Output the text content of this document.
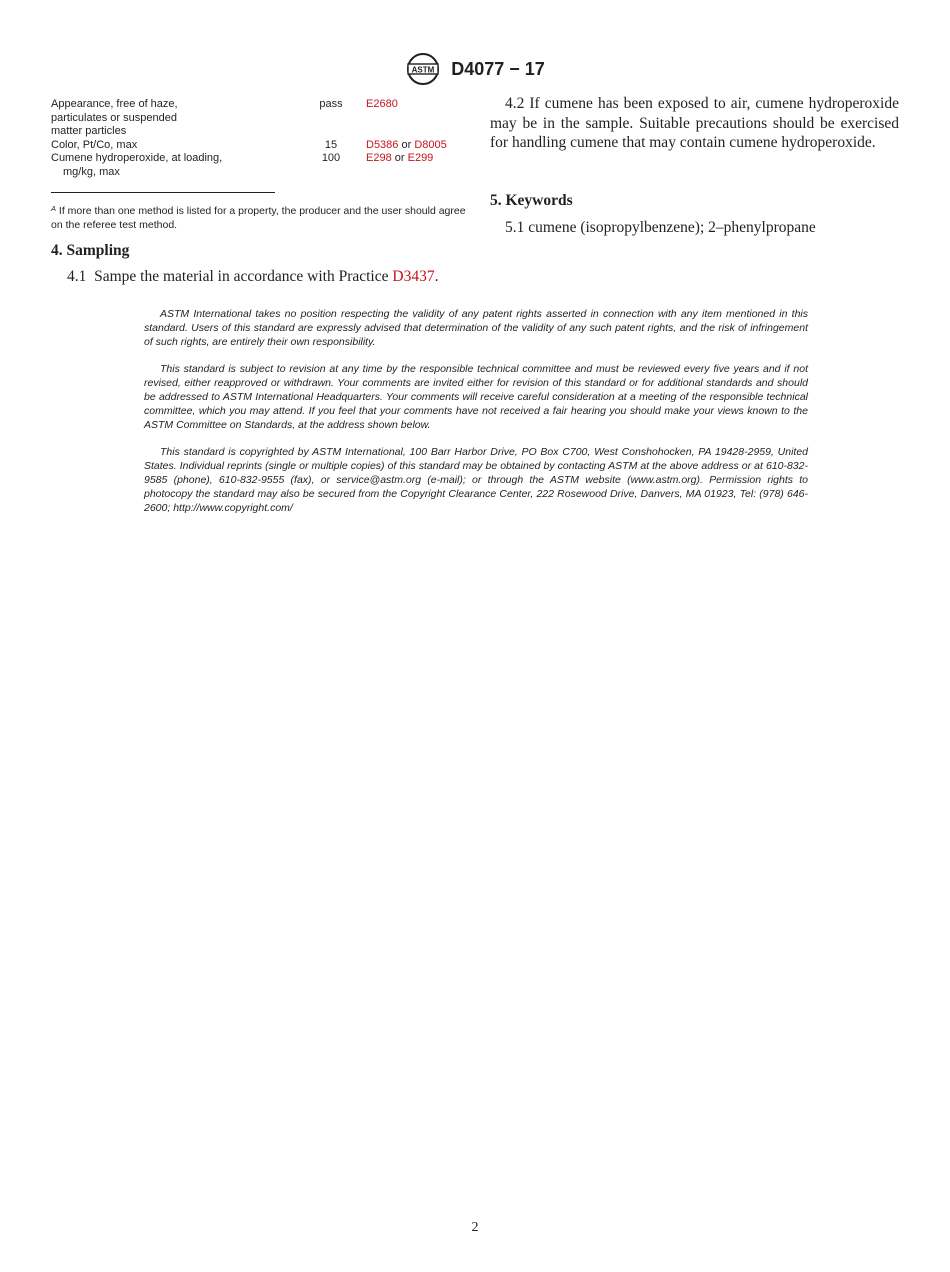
ASTM D4077 − 17
Appearance, free of haze,
particulates or suspended
matter particles
pass	E2680
Color, Pt/Co, max	15	D5386 or D8005
Cumene hydroperoxide, at loading,
mg/kg, max
100	E298 or E299
$^A$ If more than one method is listed for a property, the producer and the user should agree on the referee test method.
4. Sampling
4.1  Sampe the material in accordance with Practice D3437.
4.2 If cumene has been exposed to air, cumene hydroperoxide may be in the sample. Suitable precautions should be exercised for handling cumene that may contain cumene hydroperoxide.
5. Keywords
5.1 cumene (isopropylbenzene); 2–phenylpropane

ASTM International takes no position respecting the validity of any patent rights asserted in connection with any item mentioned in this standard. Users of this standard are expressly advised that determination of the validity of any such patent rights, and the risk of infringement of such rights, are entirely their own responsibility.

This standard is subject to revision at any time by the responsible technical committee and must be reviewed every five years and if not revised, either reapproved or withdrawn. Your comments are invited either for revision of this standard or for additional standards and should be addressed to ASTM International Headquarters. Your comments will receive careful consideration at a meeting of the responsible technical committee, which you may attend. If you feel that your comments have not received a fair hearing you should make your views known to the ASTM Committee on Standards, at the address shown below.

This standard is copyrighted by ASTM International, 100 Barr Harbor Drive, PO Box C700, West Conshohocken, PA 19428-2959, United States. Individual reprints (single or multiple copies) of this standard may be obtained by contacting ASTM at the above address or at 610-832-9585 (phone), 610-832-9555 (fax), or service@astm.org (e-mail); or through the ASTM website (www.astm.org). Permission rights to photocopy the standard may also be secured from the Copyright Clearance Center, 222 Rosewood Drive, Danvers, MA 01923, Tel: (978) 646-2600; http://www.copyright.com/

2
